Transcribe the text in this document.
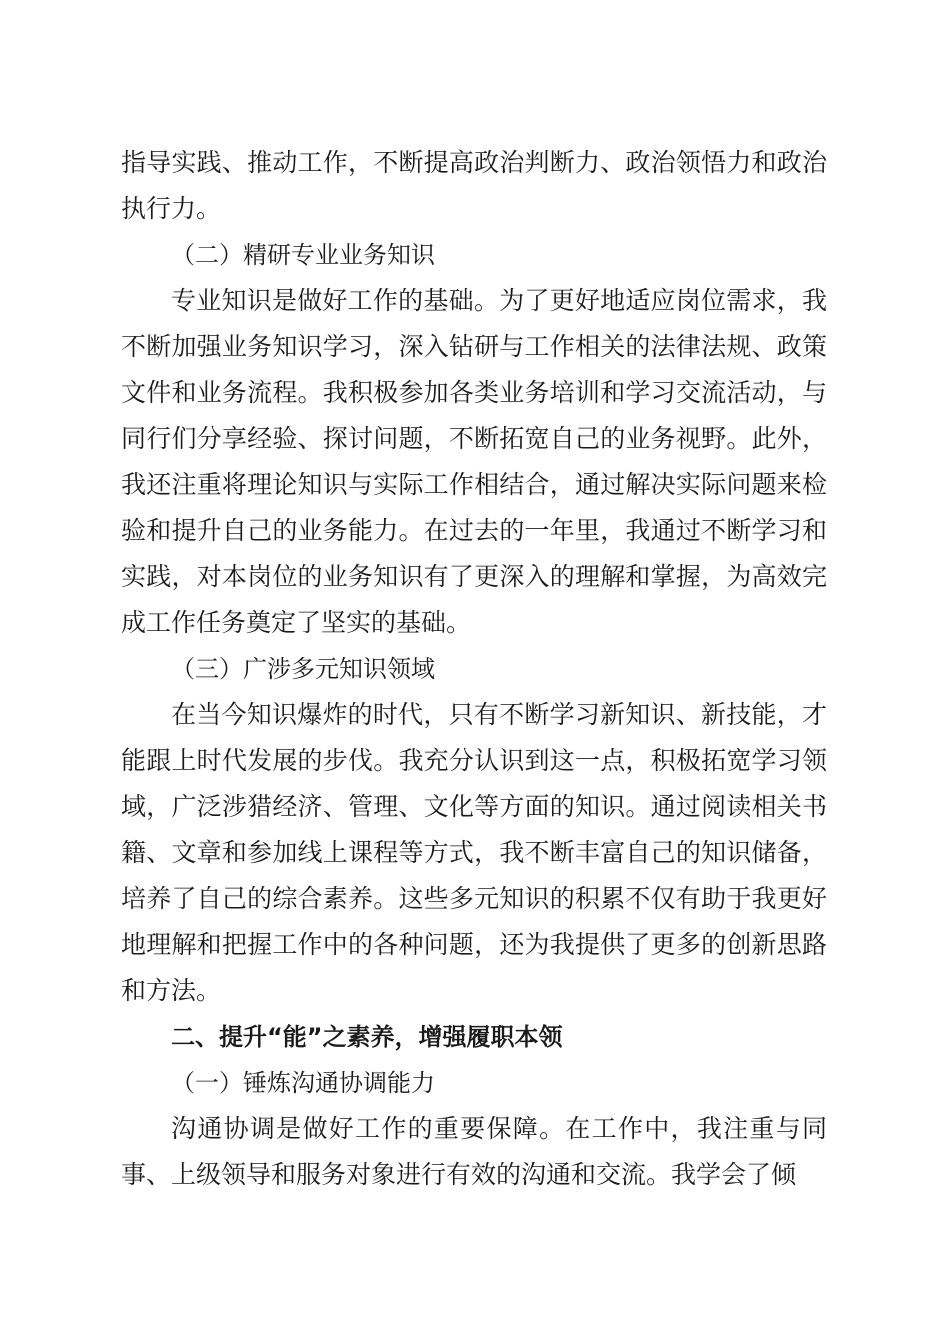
指导实践、推动工作，不断提高政治判断力、政治领悟力和政治执行力。

（二）精研专业业务知识

专业知识是做好工作的基础。为了更好地适应岗位需求，我不断加强业务知识学习，深入钻研与工作相关的法律法规、政策文件和业务流程。我积极参加各类业务培训和学习交流活动，与同行们分享经验、探讨问题，不断拓宽自己的业务视野。此外，我还注重将理论知识与实际工作相结合，通过解决实际问题来检验和提升自己的业务能力。在过去的一年里，我通过不断学习和实践，对本岗位的业务知识有了更深入的理解和掌握，为高效完成工作任务奠定了坚实的基础。

（三）广涉多元知识领域

在当今知识爆炸的时代，只有不断学习新知识、新技能，才能跟上时代发展的步伐。我充分认识到这一点，积极拓宽学习领域，广泛涉猎经济、管理、文化等方面的知识。通过阅读相关书籍、文章和参加线上课程等方式，我不断丰富自己的知识储备，培养了自己的综合素养。这些多元知识的积累不仅有助于我更好地理解和把握工作中的各种问题，还为我提供了更多的创新思路和方法。

二、提升“能”之素养，增强履职本领

（一）锤炼沟通协调能力

沟通协调是做好工作的重要保障。在工作中，我注重与同事、上级领导和服务对象进行有效的沟通和交流。我学会了倾
